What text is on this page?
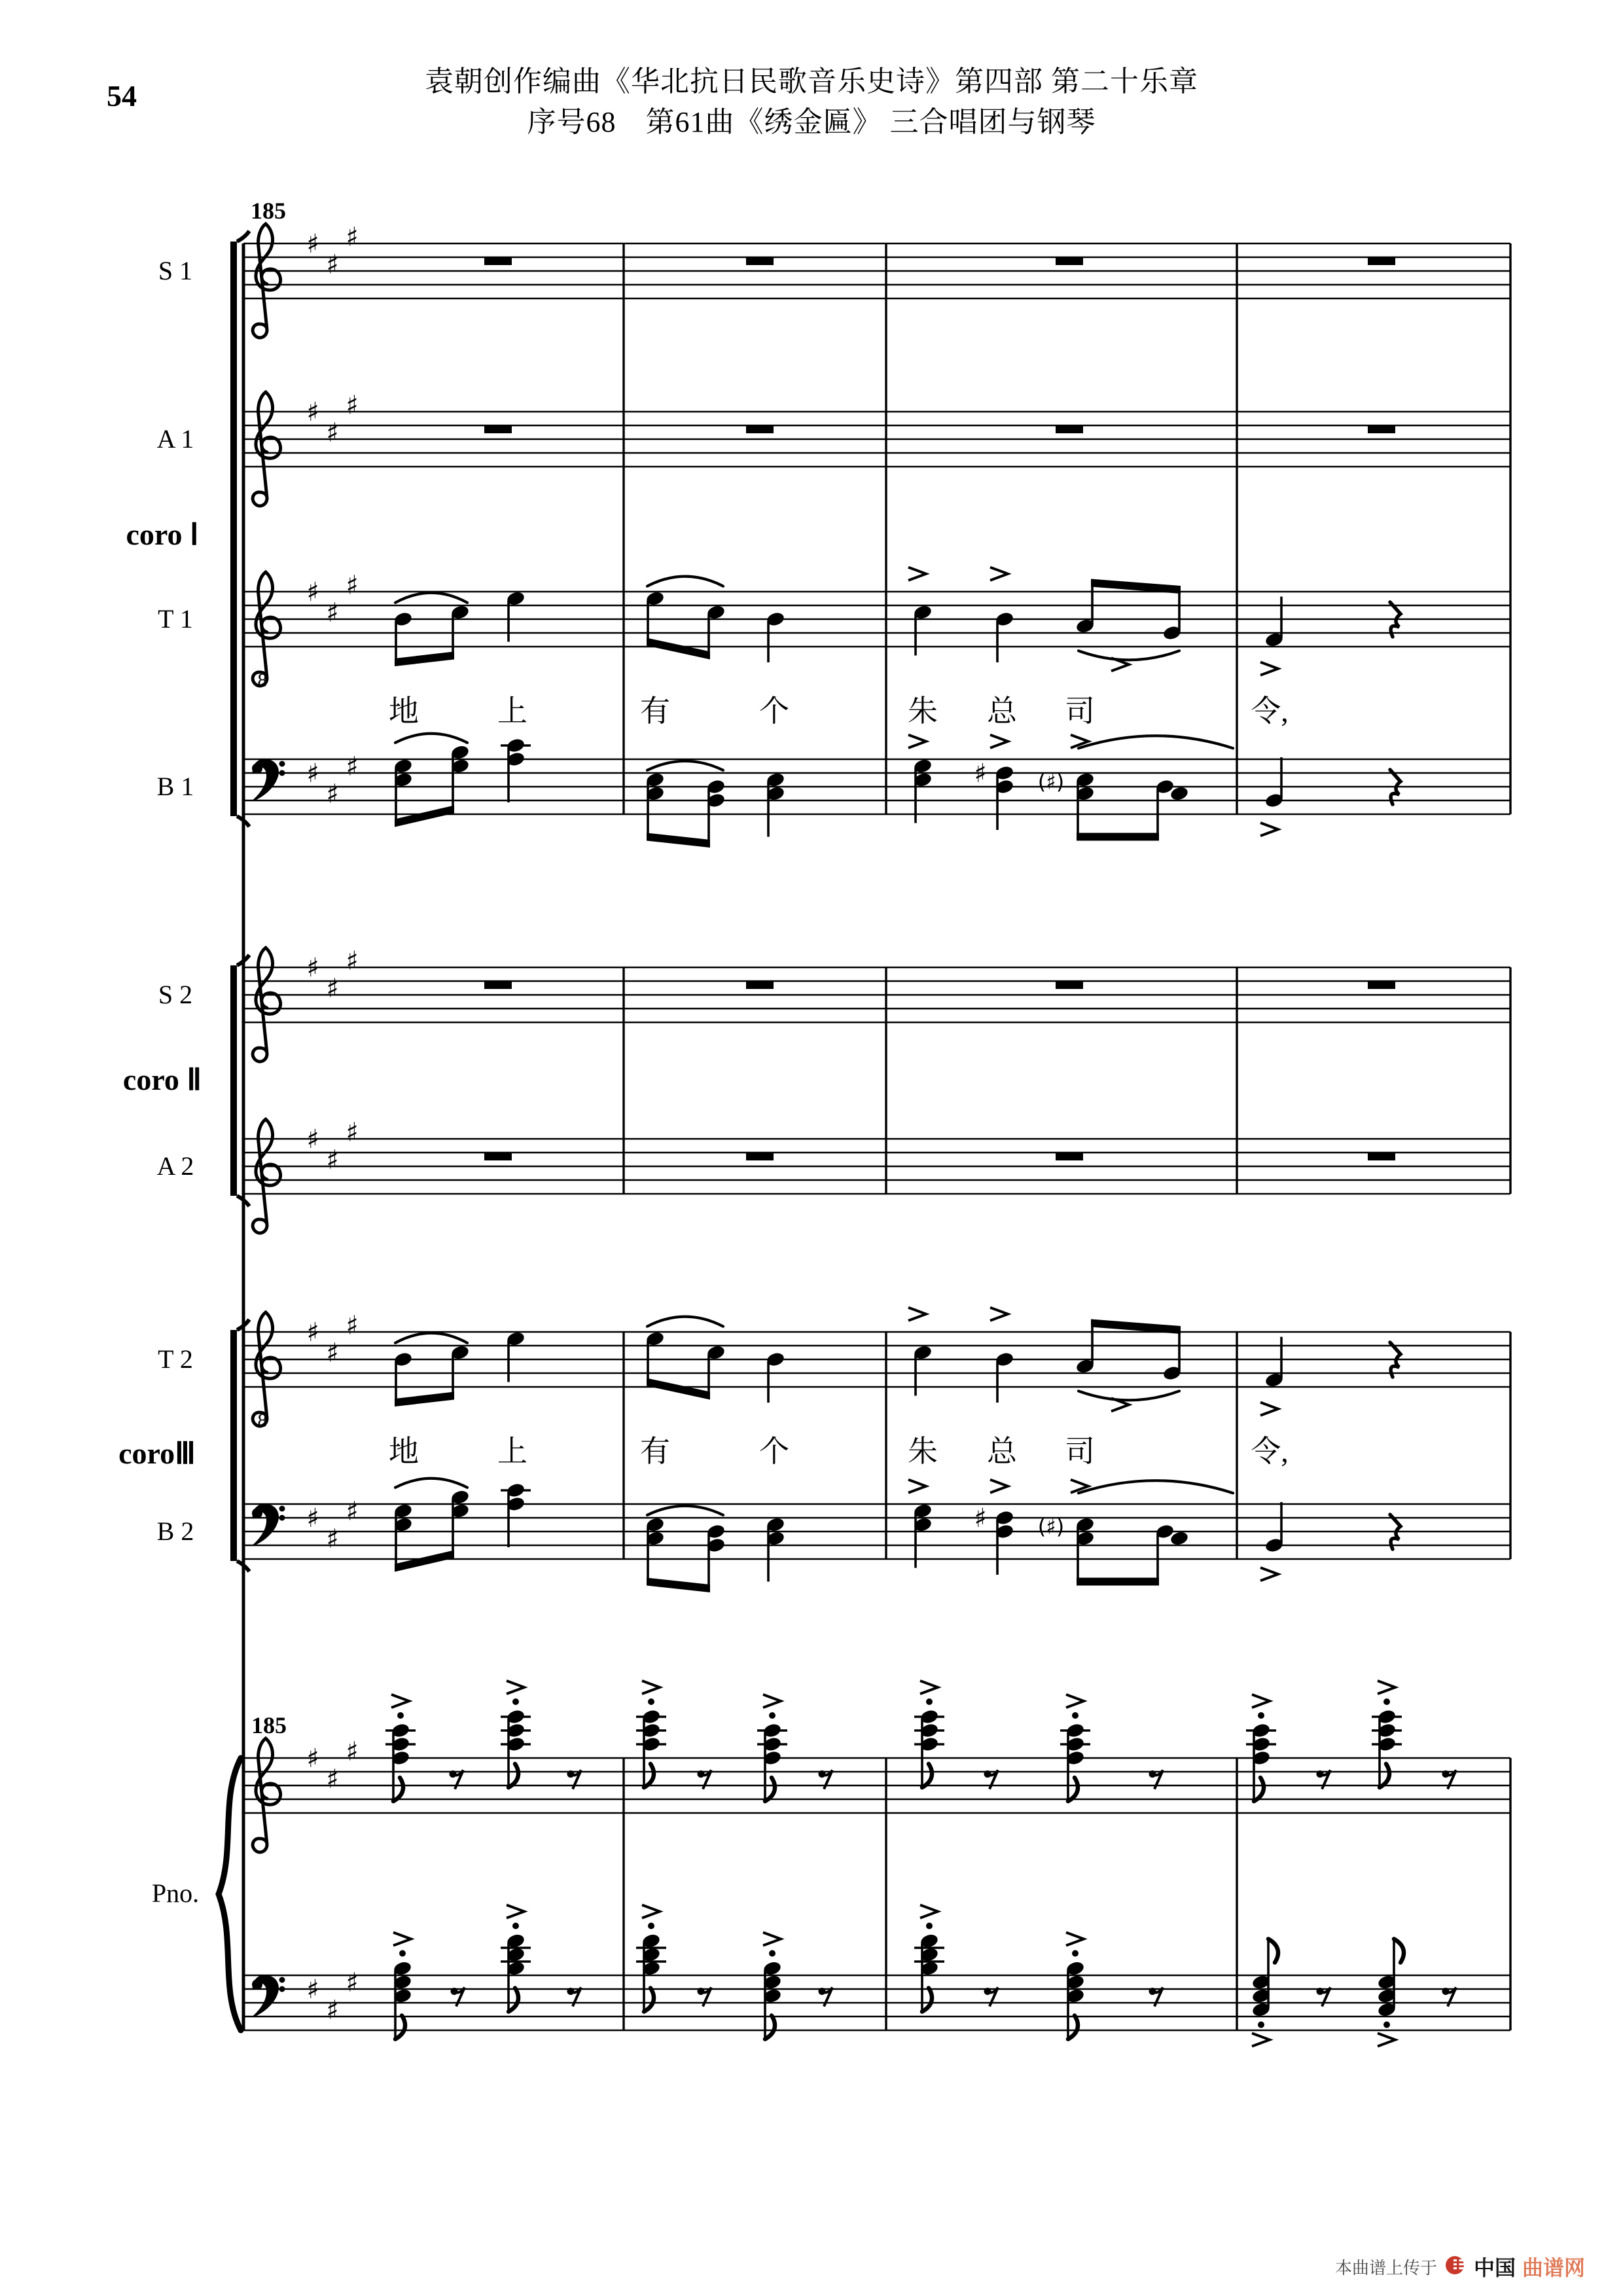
54	袁朝创作编曲《华北抗日民歌音乐史诗》第四部 第二十乐章
序号68　第61曲《绣金匾》 三合唱团与钢琴
S 1
♯
♯
♯
A 1
♯
♯
♯
T 1
8
♯
♯
♯
B 1	♯
♯
♯	♯ (♯)
S 2
♯
♯
♯
A 2
♯
♯
♯
T 2
8
♯
♯
♯
B 2	♯
♯
♯	♯ (♯)
♯
♯
♯
♯
♯
♯
coro Ⅰ
coro Ⅱ
coroⅢ
Pno.
地	上	有	个	朱 总 司	令,
地	上	有	个	朱 总 司	令,
185
185
本曲谱上传于 中国 曲谱网
